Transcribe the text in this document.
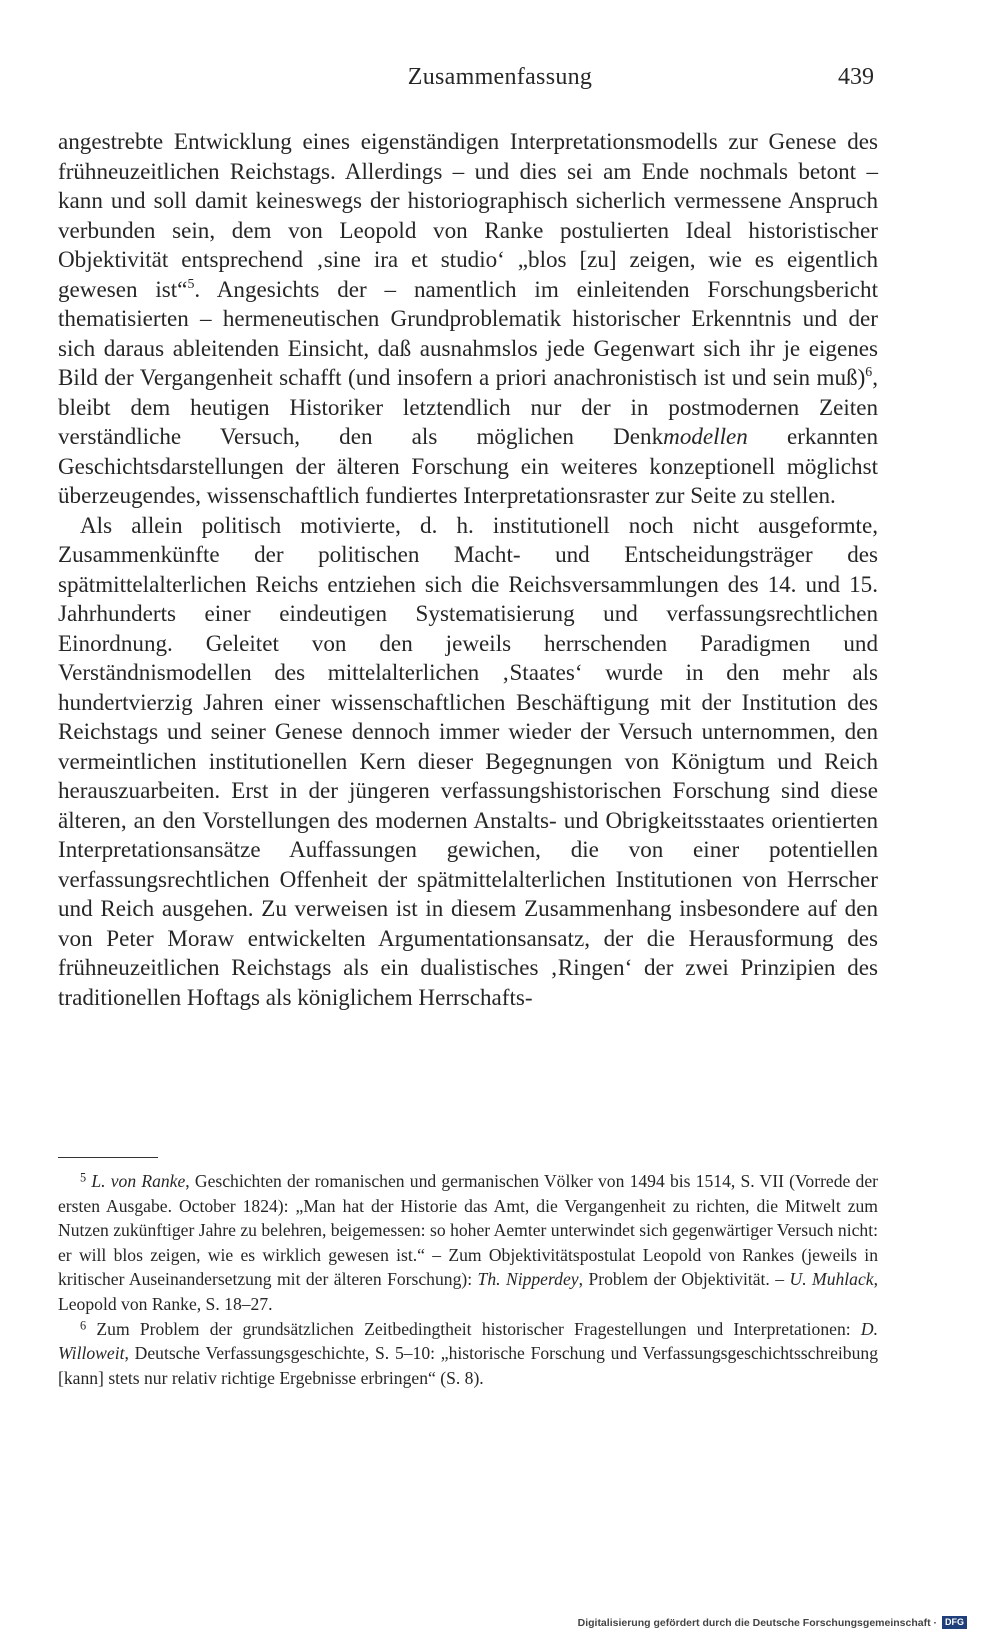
Zusammenfassung	439

angestrebte Entwicklung eines eigenständigen Interpretationsmodells zur Genese des frühneuzeitlichen Reichstags. Allerdings – und dies sei am Ende nochmals betont – kann und soll damit keineswegs der historiographisch sicherlich vermessene Anspruch verbunden sein, dem von Leopold von Ranke postulierten Ideal historistischer Objektivität entsprechend ‚sine ira et studio‘ „blos [zu] zeigen, wie es eigentlich gewesen ist“$^5$. Angesichts der – namentlich im einleitenden Forschungsbericht thematisierten – hermeneutischen Grundproblematik historischer Erkenntnis und der sich daraus ableitenden Einsicht, daß ausnahmslos jede Gegenwart sich ihr je eigenes Bild der Vergangenheit schafft (und insofern a priori anachronistisch ist und sein muß)$^6$, bleibt dem heutigen Historiker letztendlich nur der in postmodernen Zeiten verständliche Versuch, den als möglichen Denkmodellen erkannten Geschichtsdarstellungen der älteren Forschung ein weiteres konzeptionell möglichst überzeugendes, wissenschaftlich fundiertes Interpretationsraster zur Seite zu stellen.

Als allein politisch motivierte, d. h. institutionell noch nicht ausgeformte, Zusammenkünfte der politischen Macht- und Entscheidungsträger des spätmittelalterlichen Reichs entziehen sich die Reichsversammlungen des 14. und 15. Jahrhunderts einer eindeutigen Systematisierung und verfassungsrechtlichen Einordnung. Geleitet von den jeweils herrschenden Paradigmen und Verständnismodellen des mittelalterlichen ‚Staates‘ wurde in den mehr als hundertvierzig Jahren einer wissenschaftlichen Beschäftigung mit der Institution des Reichstags und seiner Genese dennoch immer wieder der Versuch unternommen, den vermeintlichen institutionellen Kern dieser Begegnungen von Königtum und Reich herauszuarbeiten. Erst in der jüngeren verfassungshistorischen Forschung sind diese älteren, an den Vorstellungen des modernen Anstalts- und Obrigkeitsstaates orientierten Interpretationsansätze Auffassungen gewichen, die von einer potentiellen verfassungsrechtlichen Offenheit der spätmittelalterlichen Institutionen von Herrscher und Reich ausgehen. Zu verweisen ist in diesem Zusammenhang insbesondere auf den von Peter Moraw entwickelten Argumentationsansatz, der die Herausformung des frühneuzeitlichen Reichstags als ein dualistisches ‚Ringen‘ der zwei Prinzipien des traditionellen Hoftags als königlichem Herrschafts-

$^5$ L. von Ranke, Geschichten der romanischen und germanischen Völker von 1494 bis 1514, S. VII (Vorrede der ersten Ausgabe. October 1824): „Man hat der Historie das Amt, die Vergangenheit zu richten, die Mitwelt zum Nutzen zukünftiger Jahre zu belehren, beigemessen: so hoher Aemter unterwindet sich gegenwärtiger Versuch nicht: er will blos zeigen, wie es wirklich gewesen ist.“ – Zum Objektivitätspostulat Leopold von Rankes (jeweils in kritischer Auseinandersetzung mit der älteren Forschung): Th. Nipperdey, Problem der Objektivität. – U. Muhlack, Leopold von Ranke, S. 18–27.

$^6$ Zum Problem der grundsätzlichen Zeitbedingtheit historischer Fragestellungen und Interpretationen: D. Willoweit, Deutsche Verfassungsgeschichte, S. 5–10: „historische Forschung und Verfassungsgeschichtsschreibung [kann] stets nur relativ richtige Ergebnisse erbringen“ (S. 8).

Digitalisierung gefördert durch die Deutsche Forschungsgemeinschaft · DFG
